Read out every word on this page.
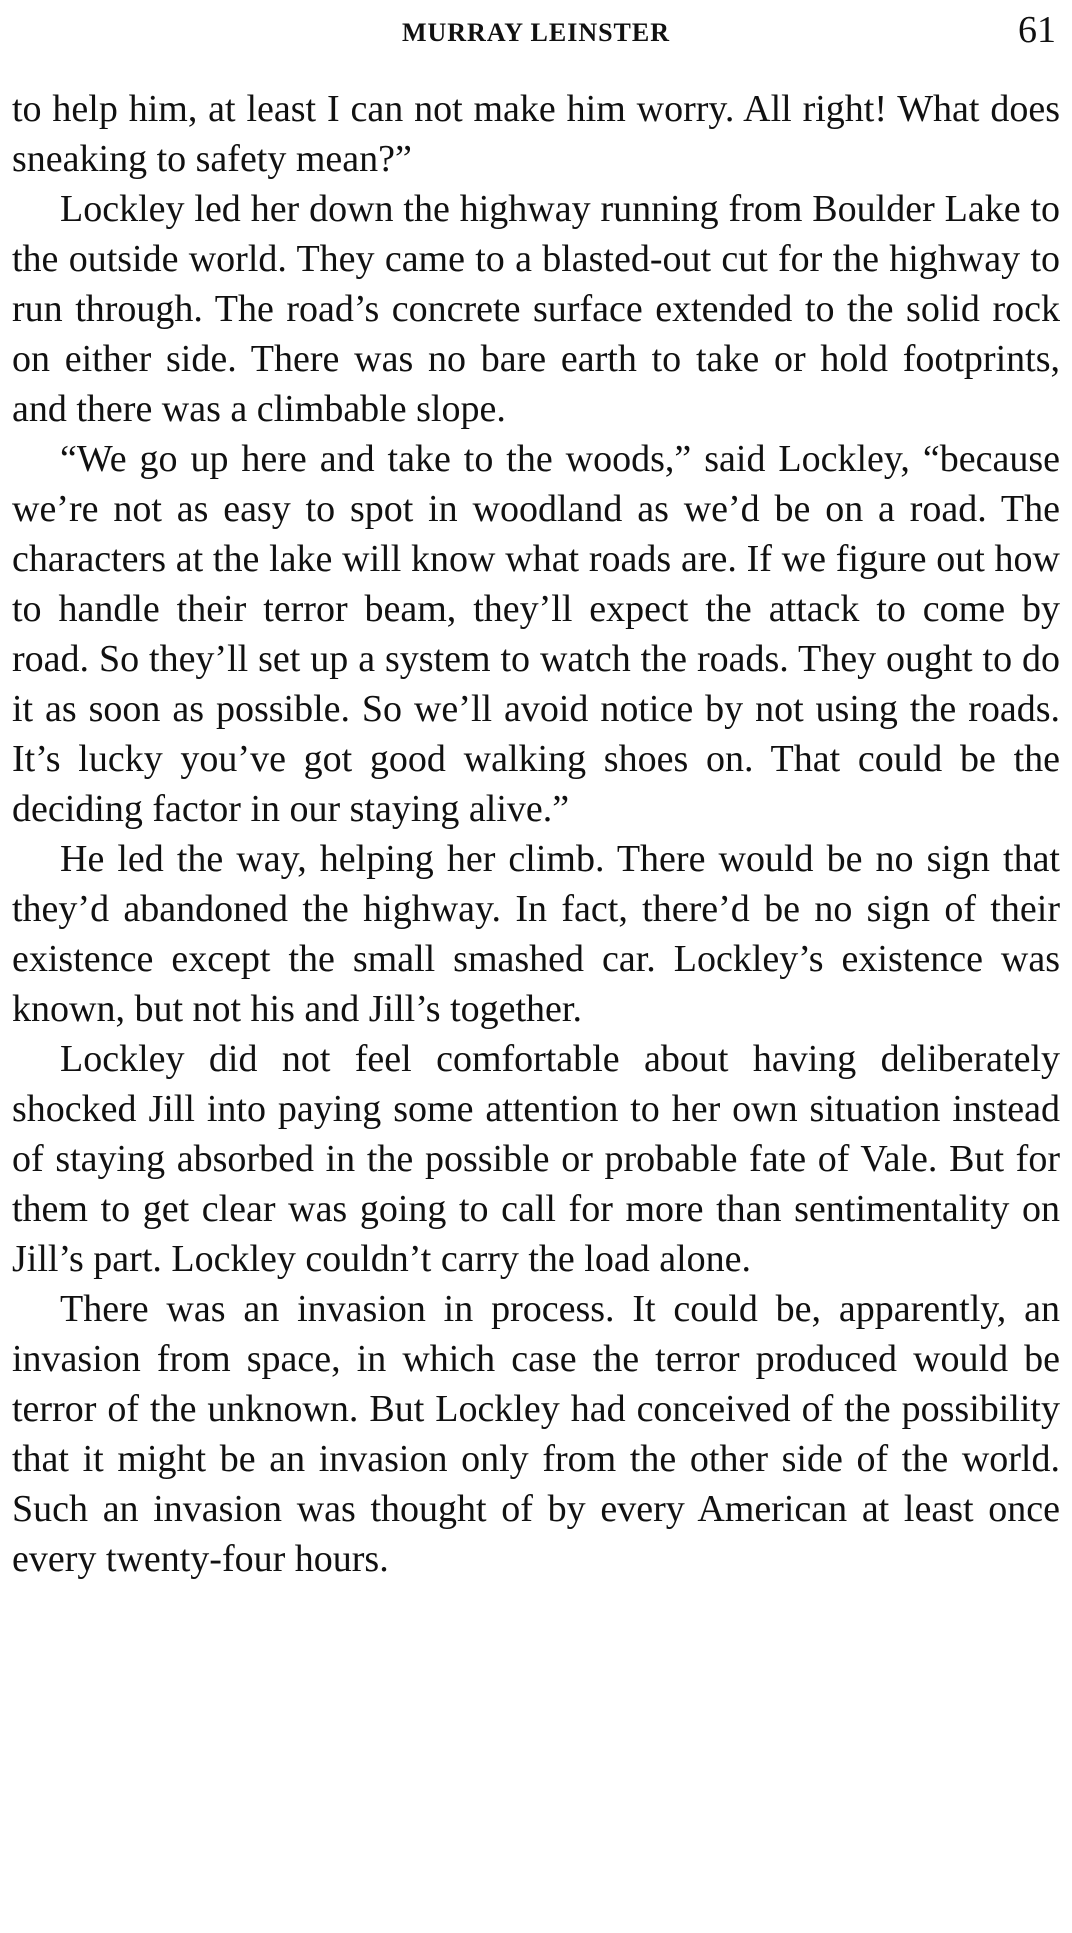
MURRAY LEINSTER	61

to help him, at least I can not make him worry. All right! What does sneaking to safety mean?”

Lockley led her down the highway running from Boulder Lake to the outside world. They came to a blasted-out cut for the highway to run through. The road’s concrete surface extended to the solid rock on either side. There was no bare earth to take or hold footprints, and there was a climbable slope.

“We go up here and take to the woods,” said Lockley, “because we’re not as easy to spot in woodland as we’d be on a road. The characters at the lake will know what roads are. If we figure out how to handle their terror beam, they’ll expect the attack to come by road. So they’ll set up a system to watch the roads. They ought to do it as soon as possible. So we’ll avoid notice by not using the roads. It’s lucky you’ve got good walking shoes on. That could be the deciding factor in our staying alive.”

He led the way, helping her climb. There would be no sign that they’d abandoned the highway. In fact, there’d be no sign of their existence except the small smashed car. Lockley’s existence was known, but not his and Jill’s together.

Lockley did not feel comfortable about having deliberately shocked Jill into paying some attention to her own situation instead of staying absorbed in the possible or probable fate of Vale. But for them to get clear was going to call for more than sentimentality on Jill’s part. Lockley couldn’t carry the load alone.

There was an invasion in process. It could be, apparently, an invasion from space, in which case the terror produced would be terror of the unknown. But Lockley had conceived of the possibility that it might be an invasion only from the other side of the world. Such an invasion was thought of by every American at least once every twenty-four hours.
